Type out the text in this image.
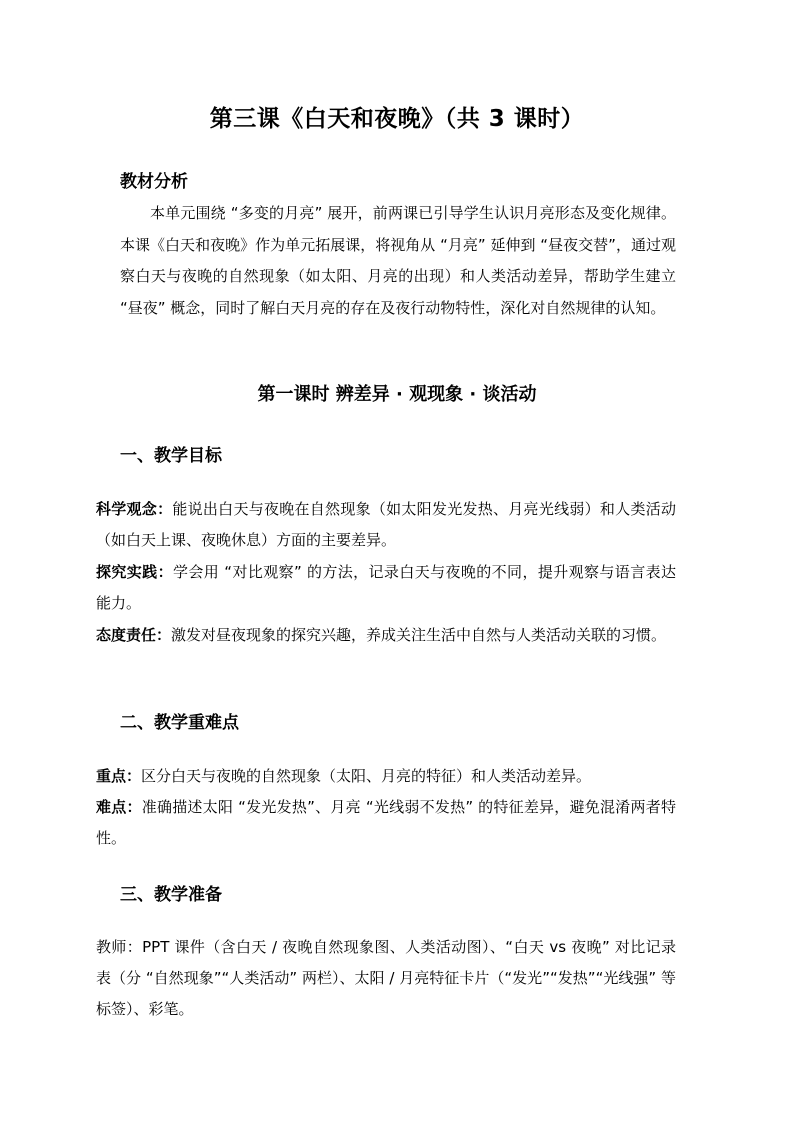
第三课《白天和夜晚》（共 3 课时）
教材分析
本单元围绕 “多变的月亮” 展开，前两课已引导学生认识月亮形态及变化规律。本课《白天和夜晚》作为单元拓展课，将视角从 “月亮” 延伸到 “昼夜交替”，通过观察白天与夜晚的自然现象（如太阳、月亮的出现）和人类活动差异，帮助学生建立 “昼夜” 概念，同时了解白天月亮的存在及夜行动物特性，深化对自然规律的认知。
第一课时 辨差异 · 观现象 · 谈活动
一、教学目标
科学观念：能说出白天与夜晚在自然现象（如太阳发光发热、月亮光线弱）和人类活动（如白天上课、夜晚休息）方面的主要差异。
探究实践：学会用 “对比观察” 的方法，记录白天与夜晚的不同，提升观察与语言表达能力。
态度责任：激发对昼夜现象的探究兴趣，养成关注生活中自然与人类活动关联的习惯。
二、教学重难点
重点：区分白天与夜晚的自然现象（太阳、月亮的特征）和人类活动差异。
难点：准确描述太阳 “发光发热”、月亮 “光线弱不发热” 的特征差异，避免混淆两者特性。
三、教学准备
教师：PPT 课件（含白天 / 夜晚自然现象图、人类活动图）、“白天 vs 夜晚” 对比记录表（分 “自然现象”“人类活动” 两栏）、太阳 / 月亮特征卡片（“发光”“发热”“光线强” 等标签）、彩笔。
